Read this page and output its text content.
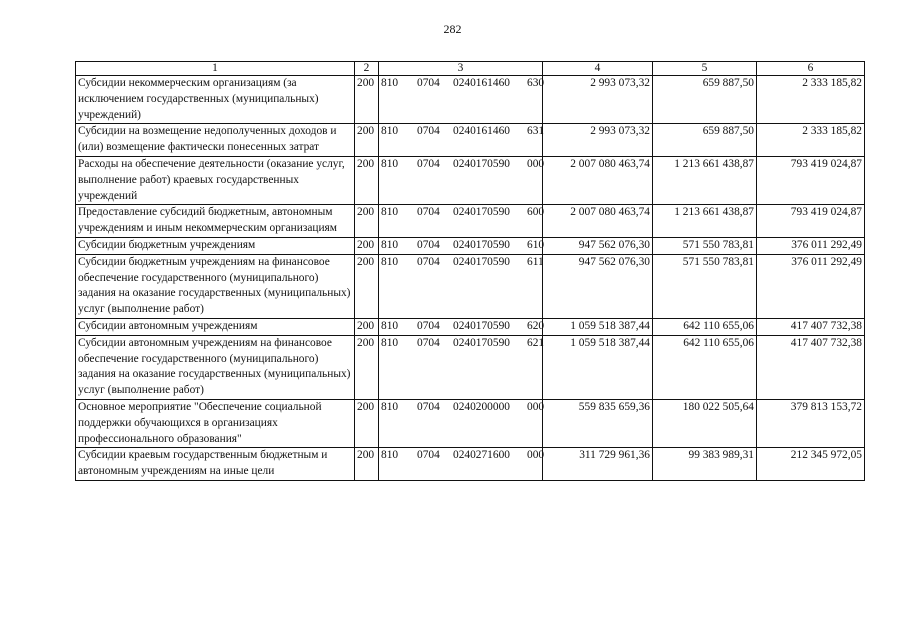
282
1	2	3	4	5	6
Субсидии некоммерческим организациям (за исключением государственных (муниципальных) учреждений)	200	810 0704 0240161460 630	2 993 073,32	659 887,50	2 333 185,82
Субсидии на возмещение недополученных доходов и (или) возмещение фактически понесенных затрат	200	810 0704 0240161460 631	2 993 073,32	659 887,50	2 333 185,82
Расходы на обеспечение деятельности (оказание услуг, выполнение работ) краевых государственных учреждений	200	810 0704 0240170590 000	2 007 080 463,74	1 213 661 438,87	793 419 024,87
Предоставление субсидий бюджетным, автономным учреждениям и иным некоммерческим организациям	200	810 0704 0240170590 600	2 007 080 463,74	1 213 661 438,87	793 419 024,87
Субсидии бюджетным учреждениям	200	810 0704 0240170590 610	947 562 076,30	571 550 783,81	376 011 292,49
Субсидии бюджетным учреждениям на финансовое обеспечение государственного (муниципального) задания на оказание государственных (муниципальных) услуг (выполнение работ)	200	810 0704 0240170590 611	947 562 076,30	571 550 783,81	376 011 292,49
Субсидии автономным учреждениям	200	810 0704 0240170590 620	1 059 518 387,44	642 110 655,06	417 407 732,38
Субсидии автономным учреждениям на финансовое обеспечение государственного (муниципального) задания на оказание государственных (муниципальных) услуг (выполнение работ)	200	810 0704 0240170590 621	1 059 518 387,44	642 110 655,06	417 407 732,38
Основное мероприятие "Обеспечение социальной поддержки обучающихся в организациях профессионального образования"	200	810 0704 0240200000 000	559 835 659,36	180 022 505,64	379 813 153,72
Субсидии краевым государственным бюджетным и автономным учреждениям на иные цели	200	810 0704 0240271600 000	311 729 961,36	99 383 989,31	212 345 972,05
